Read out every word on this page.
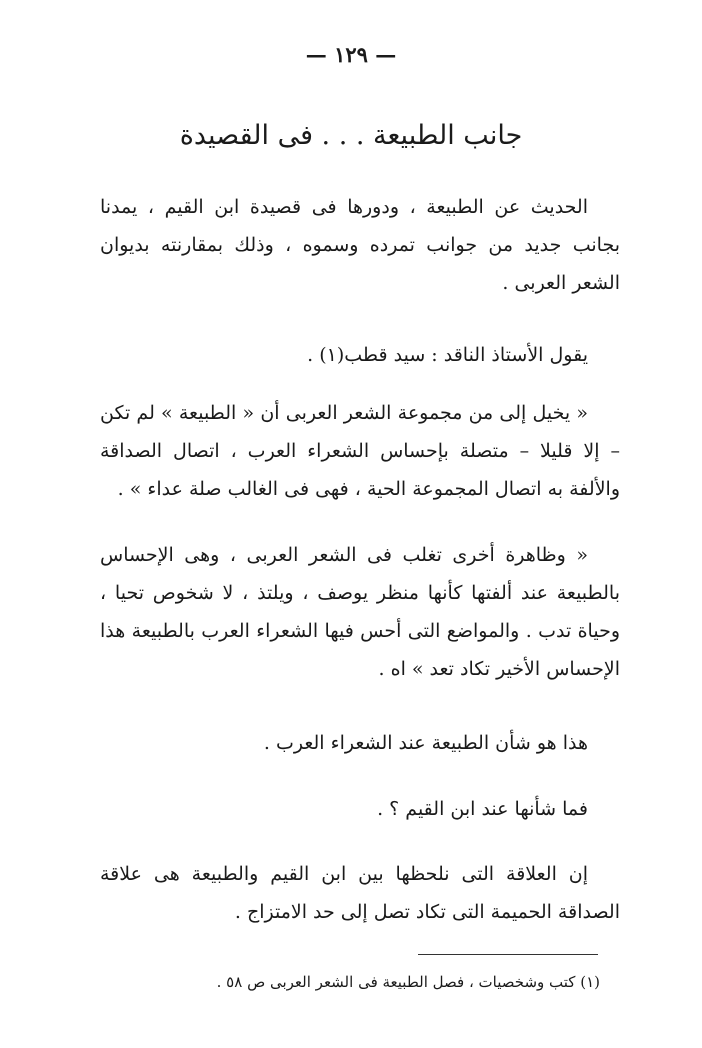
— ١٢٩ —
جانب الطبيعة . . . فى القصيدة
الحديث عن الطبيعة ، ودورها فى قصيدة ابن القيم ، يمدنا بجانب جديد من جوانب تمرده وسموه ، وذلك بمقارنته بديوان الشعر العربى .
يقول الأستاذ الناقد : سيد قطب(١) .
« يخيل إلى من مجموعة الشعر العربى أن « الطبيعة » لم تكن – إلا قليلا – متصلة بإحساس الشعراء العرب ، اتصال الصداقة والألفة به اتصال المجموعة الحية ، فهى فى الغالب صلة عداء » .
« وظاهرة أخرى تغلب فى الشعر العربى ، وهى الإحساس بالطبيعة عند ألفتها كأنها منظر يوصف ، ويلتذ ، لا شخوص تحيا ، وحياة تدب . والمواضع التى أحس فيها الشعراء العرب بالطبيعة هذا الإحساس الأخير تكاد تعد » اه .
هذا هو شأن الطبيعة عند الشعراء العرب .
فما شأنها عند ابن القيم ؟ .
إن العلاقة التى نلحظها بين ابن القيم والطبيعة هى علاقة الصداقة الحميمة التى تكاد تصل إلى حد الامتزاج .
(١) كتب وشخصيات ، فصل الطبيعة فى الشعر العربى ص ٥٨ .
